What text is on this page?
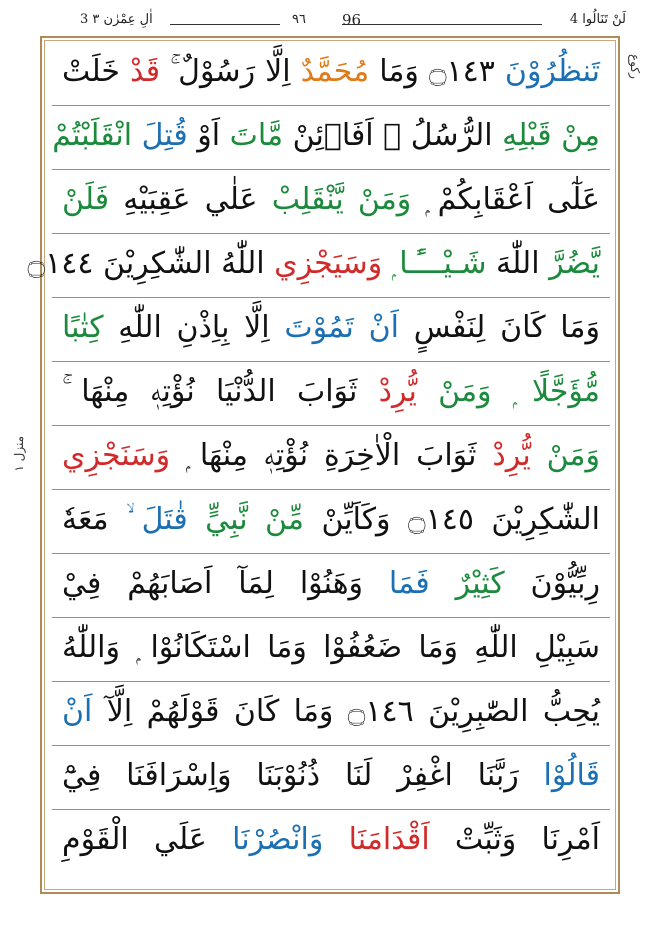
4 لَنْ تَنَالُوا
96
٩٦
3 اٰلِ عِمْرٰن ٣
رکوع
منزل ١
تَنظُرُوْنَ ۝١٤٣ وَمَا مُحَمَّدٌ اِلَّا رَسُوْلٌ ۚ قَدْ خَلَتْ
مِنْ قَبْلِهِ الرُّسُلُ ۭ اَفَا۟ئِنْ مَّاتَ اَوْ قُتِلَ انْقَلَبْتُمْ
عَلٰٓى اَعْقَابِكُمْ ۭ وَمَنْ يَّنْقَلِبْ عَلٰي عَقِبَيْهِ فَلَنْ
يَّضُرَّ اللّٰهَ شَـيْـــًٔـا ۭ وَسَيَجْزِي اللّٰهُ الشّٰكِرِيْنَ ۝١٤٤
وَمَا كَانَ لِنَفْسٍ اَنْ تَمُوْتَ اِلَّا بِاِذْنِ اللّٰهِ كِتٰبًا
مُّؤَجَّلًا ۭ وَمَنْ يُّرِدْ ثَوَابَ الدُّنْيَا نُؤْتِهٖ مِنْهَا ۚ
وَمَنْ يُّرِدْ ثَوَابَ الْاٰخِرَةِ نُؤْتِهٖ مِنْهَا ۭ وَسَنَجْزِي
الشّٰكِرِيْنَ ۝١٤٥ وَكَاَيِّنْ مِّنْ نَّبِيٍّ قٰتَلَ ۙ مَعَهٗ
رِبِّيُّوْنَ كَثِيْرٌ فَمَا وَهَنُوْا لِمَآ اَصَابَهُمْ فِيْ
سَبِيْلِ اللّٰهِ وَمَا ضَعُفُوْا وَمَا اسْتَكَانُوْا ۭ وَاللّٰهُ
يُحِبُّ الصّٰبِرِيْنَ ۝١٤٦ وَمَا كَانَ قَوْلَھُمْ اِلَّآ اَنْ
قَالُوْا رَبَّنَا اغْفِرْ لَنَا ذُنُوْبَنَا وَاِسْرَافَنَا فِيْٓ
اَمْرِنَا وَثَبِّتْ اَقْدَامَنَا وَانْصُرْنَا عَلَي الْقَوْمِ
